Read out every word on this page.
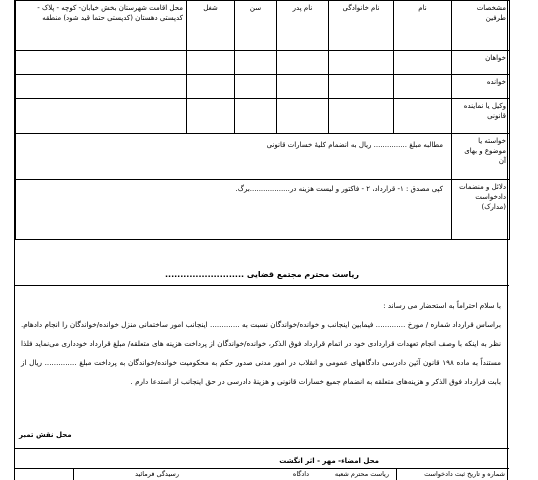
مشخصات طرفین	نام	نام خانوادگی	نام پدر	سن	شغل	محل اقامت شهرستان بخش خیابان- کوچه - پلاک - کدپستی دهستان (کدپستی حتما قید شود) منطقه
خواهان						
خوانده						
وکیل یا نماینده قانونی						
خواسته یا موضوع و بهای آن	مطالبه مبلغ ............... ریال به انضمام کلیهٔ خسارات قانونی					
دلائل و منضمات دادخواست (مدارک)	کپی مصدق : ١- قرارداد، ٢ - فاکتور و لیست هزینه در..................برگ.					
ریاست محترم مجتمع قضایی ..........................

با سلام احتراماً به استحضار می رساند :

براساس قرارداد شماره / مورخ ............. فیمابین اینجانب و خوانده/خواندگان نسبت به ............. اینجانب امور ساختمانی منزل خوانده/خواندگان را انجام دادهام. نظر به اینکه با وصف انجام تعهدات قراردادی خود در اتمام قرارداد فوق الذکر، خوانده/خواندگان از پرداخت هزینه های متعلقه/ مبلغ قرارداد خودداری می‌نماید فلذا مستنداً به ماده ۱۹۸ قانون آئین دادرسی دادگاههای عمومی و انقلاب در امور مدنی صدور حکم به محکومیت خوانده/خواندگان به پرداخت مبلغ .............. ریال از بابت قرارداد فوق الذکر و هزینه‌های متعلقه به انضمام جمیع خسارات قانونی و هزینهٔ دادرسی در حق اینجانب از استدعا دارم .

محل نقش تمبر
محل امضاء- مهر - اثر انگشت
شماره و تاریخ ثبت دادخواست
ریاست محترم شعبه
دادگاه
رسیدگی فرمائید
